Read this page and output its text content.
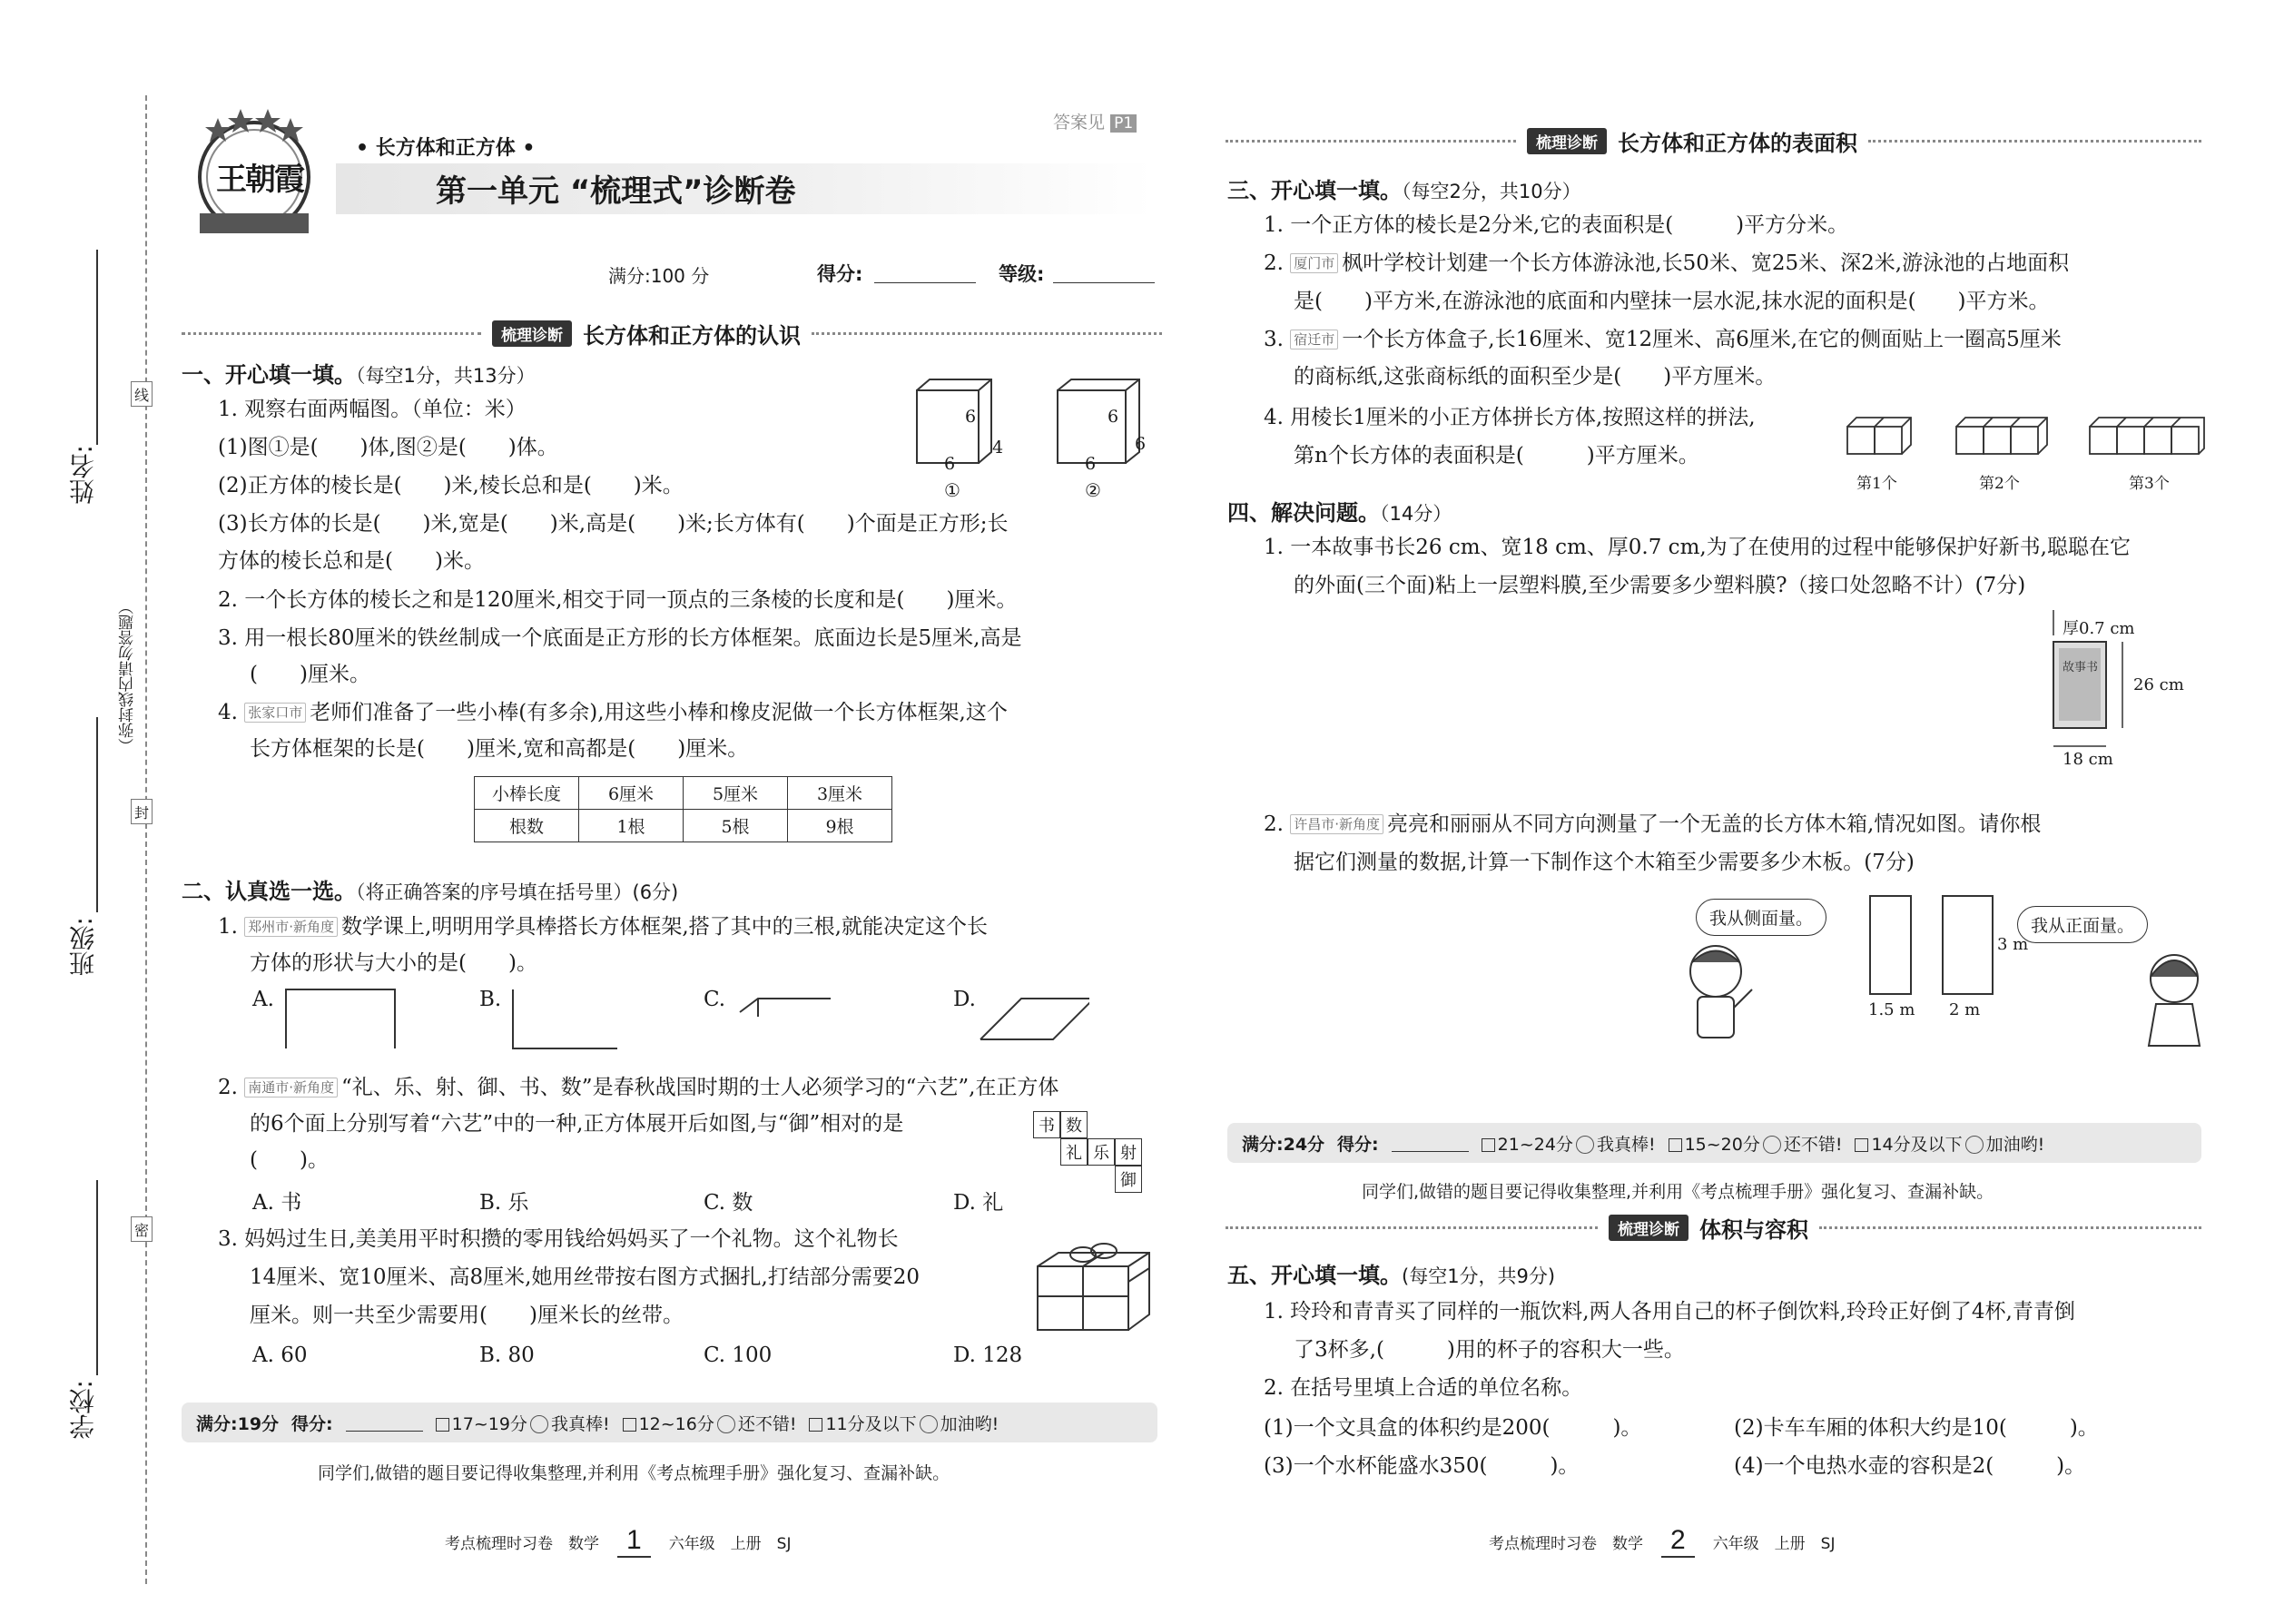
线
封
密
（弥封线内请勿答题）
姓名:
班级:
学校:
王朝霞
• 长方体和正方体 •
答案见 P1
第一单元 “梳理式”诊断卷
满分:100 分	得分:	等级:
梳理诊断 长方体和正方体的认识
一、开心填一填。（每空1分，共13分）
1. 观察右面两幅图。（单位：米）
(1)图①是(　　)体,图②是(　　)体。
(2)正方体的棱长是(　　)米,棱长总和是(　　)米。
(3)长方体的长是(　　)米,宽是(　　)米,高是(　　)米;长方体有(　　)个面是正方形;长
方体的棱长总和是(　　)米。
2. 一个长方体的棱长之和是120厘米,相交于同一顶点的三条棱的长度和是(　　)厘米。
3. 用一根长80厘米的铁丝制成一个底面是正方形的长方体框架。底面边长是5厘米,高是
(　　)厘米。
4. 张家口市 老师们准备了一些小棒(有多余),用这些小棒和橡皮泥做一个长方体框架,这个
长方体框架的长是(　　)厘米,宽和高都是(　　)厘米。
6
4
6
6
6
6
①	②
小棒长度	6厘米	5厘米	3厘米
根数	1根	5根	9根
二、认真选一选。（将正确答案的序号填在括号里）(6分)
1. 郑州市·新角度 数学课上,明明用学具棒搭长方体框架,搭了其中的三根,就能决定这个长
方体的形状与大小的是(　　)。
A.	B.	C.	D.
2. 南通市·新角度 “礼、乐、射、御、书、数”是春秋战国时期的士人必须学习的“六艺”,在正方体
的6个面上分别写着“六艺”中的一种,正方体展开后如图,与“御”相对的是
(　　)。
书 数
礼 乐 射
御
A. 书	B. 乐	C. 数	D. 礼
3. 妈妈过生日,美美用平时积攒的零用钱给妈妈买了一个礼物。这个礼物长
14厘米、宽10厘米、高8厘米,她用丝带按右图方式捆扎,打结部分需要20
厘米。则一共至少需要用(　　)厘米长的丝带。
A. 60	B. 80	C. 100	D. 128
满分:19分 得分:	17~19分 我真棒!	12~16分 还不错!	11分及以下 加油哟!
同学们,做错的题目要记得收集整理,并利用《考点梳理手册》强化复习、查漏补缺。
考点梳理时习卷　数学	1	六年级　上册　SJ
梳理诊断 长方体和正方体的表面积
三、开心填一填。（每空2分，共10分）
1. 一个正方体的棱长是2分米,它的表面积是(　　　)平方分米。
2. 厦门市 枫叶学校计划建一个长方体游泳池,长50米、宽25米、深2米,游泳池的占地面积
是(　　)平方米,在游泳池的底面和内壁抹一层水泥,抹水泥的面积是(　　)平方米。
3. 宿迁市 一个长方体盒子,长16厘米、宽12厘米、高6厘米,在它的侧面贴上一圈高5厘米
的商标纸,这张商标纸的面积至少是(　　)平方厘米。
4. 用棱长1厘米的小正方体拼长方体,按照这样的拼法,
第n个长方体的表面积是(　　　)平方厘米。
第1个	第2个	第3个
四、解决问题。（14分）
1. 一本故事书长26 cm、宽18 cm、厚0.7 cm,为了在使用的过程中能够保护好新书,聪聪在它
的外面(三个面)粘上一层塑料膜,至少需要多少塑料膜?（接口处忽略不计）(7分)
厚0.7 cm
26 cm
18 cm
故事书
2. 许昌市·新角度 亮亮和丽丽从不同方向测量了一个无盖的长方体木箱,情况如图。请你根
据它们测量的数据,计算一下制作这个木箱至少需要多少木板。(7分)
我从侧面量。	我从正面量。
1.5 m 2 m
3 m
满分:24分 得分:	21~24分 我真棒!	15~20分 还不错!	14分及以下 加油哟!
同学们,做错的题目要记得收集整理,并利用《考点梳理手册》强化复习、查漏补缺。
梳理诊断 体积与容积
五、开心填一填。(每空1分，共9分)
1. 玲玲和青青买了同样的一瓶饮料,两人各用自己的杯子倒饮料,玲玲正好倒了4杯,青青倒
了3杯多,(　　　)用的杯子的容积大一些。
2. 在括号里填上合适的单位名称。
(1)一个文具盒的体积约是200(　　　)。	(2)卡车车厢的体积大约是10(　　　)。
(3)一个水杯能盛水350(　　　)。	(4)一个电热水壶的容积是2(　　　)。
考点梳理时习卷　数学	2	六年级　上册　SJ
